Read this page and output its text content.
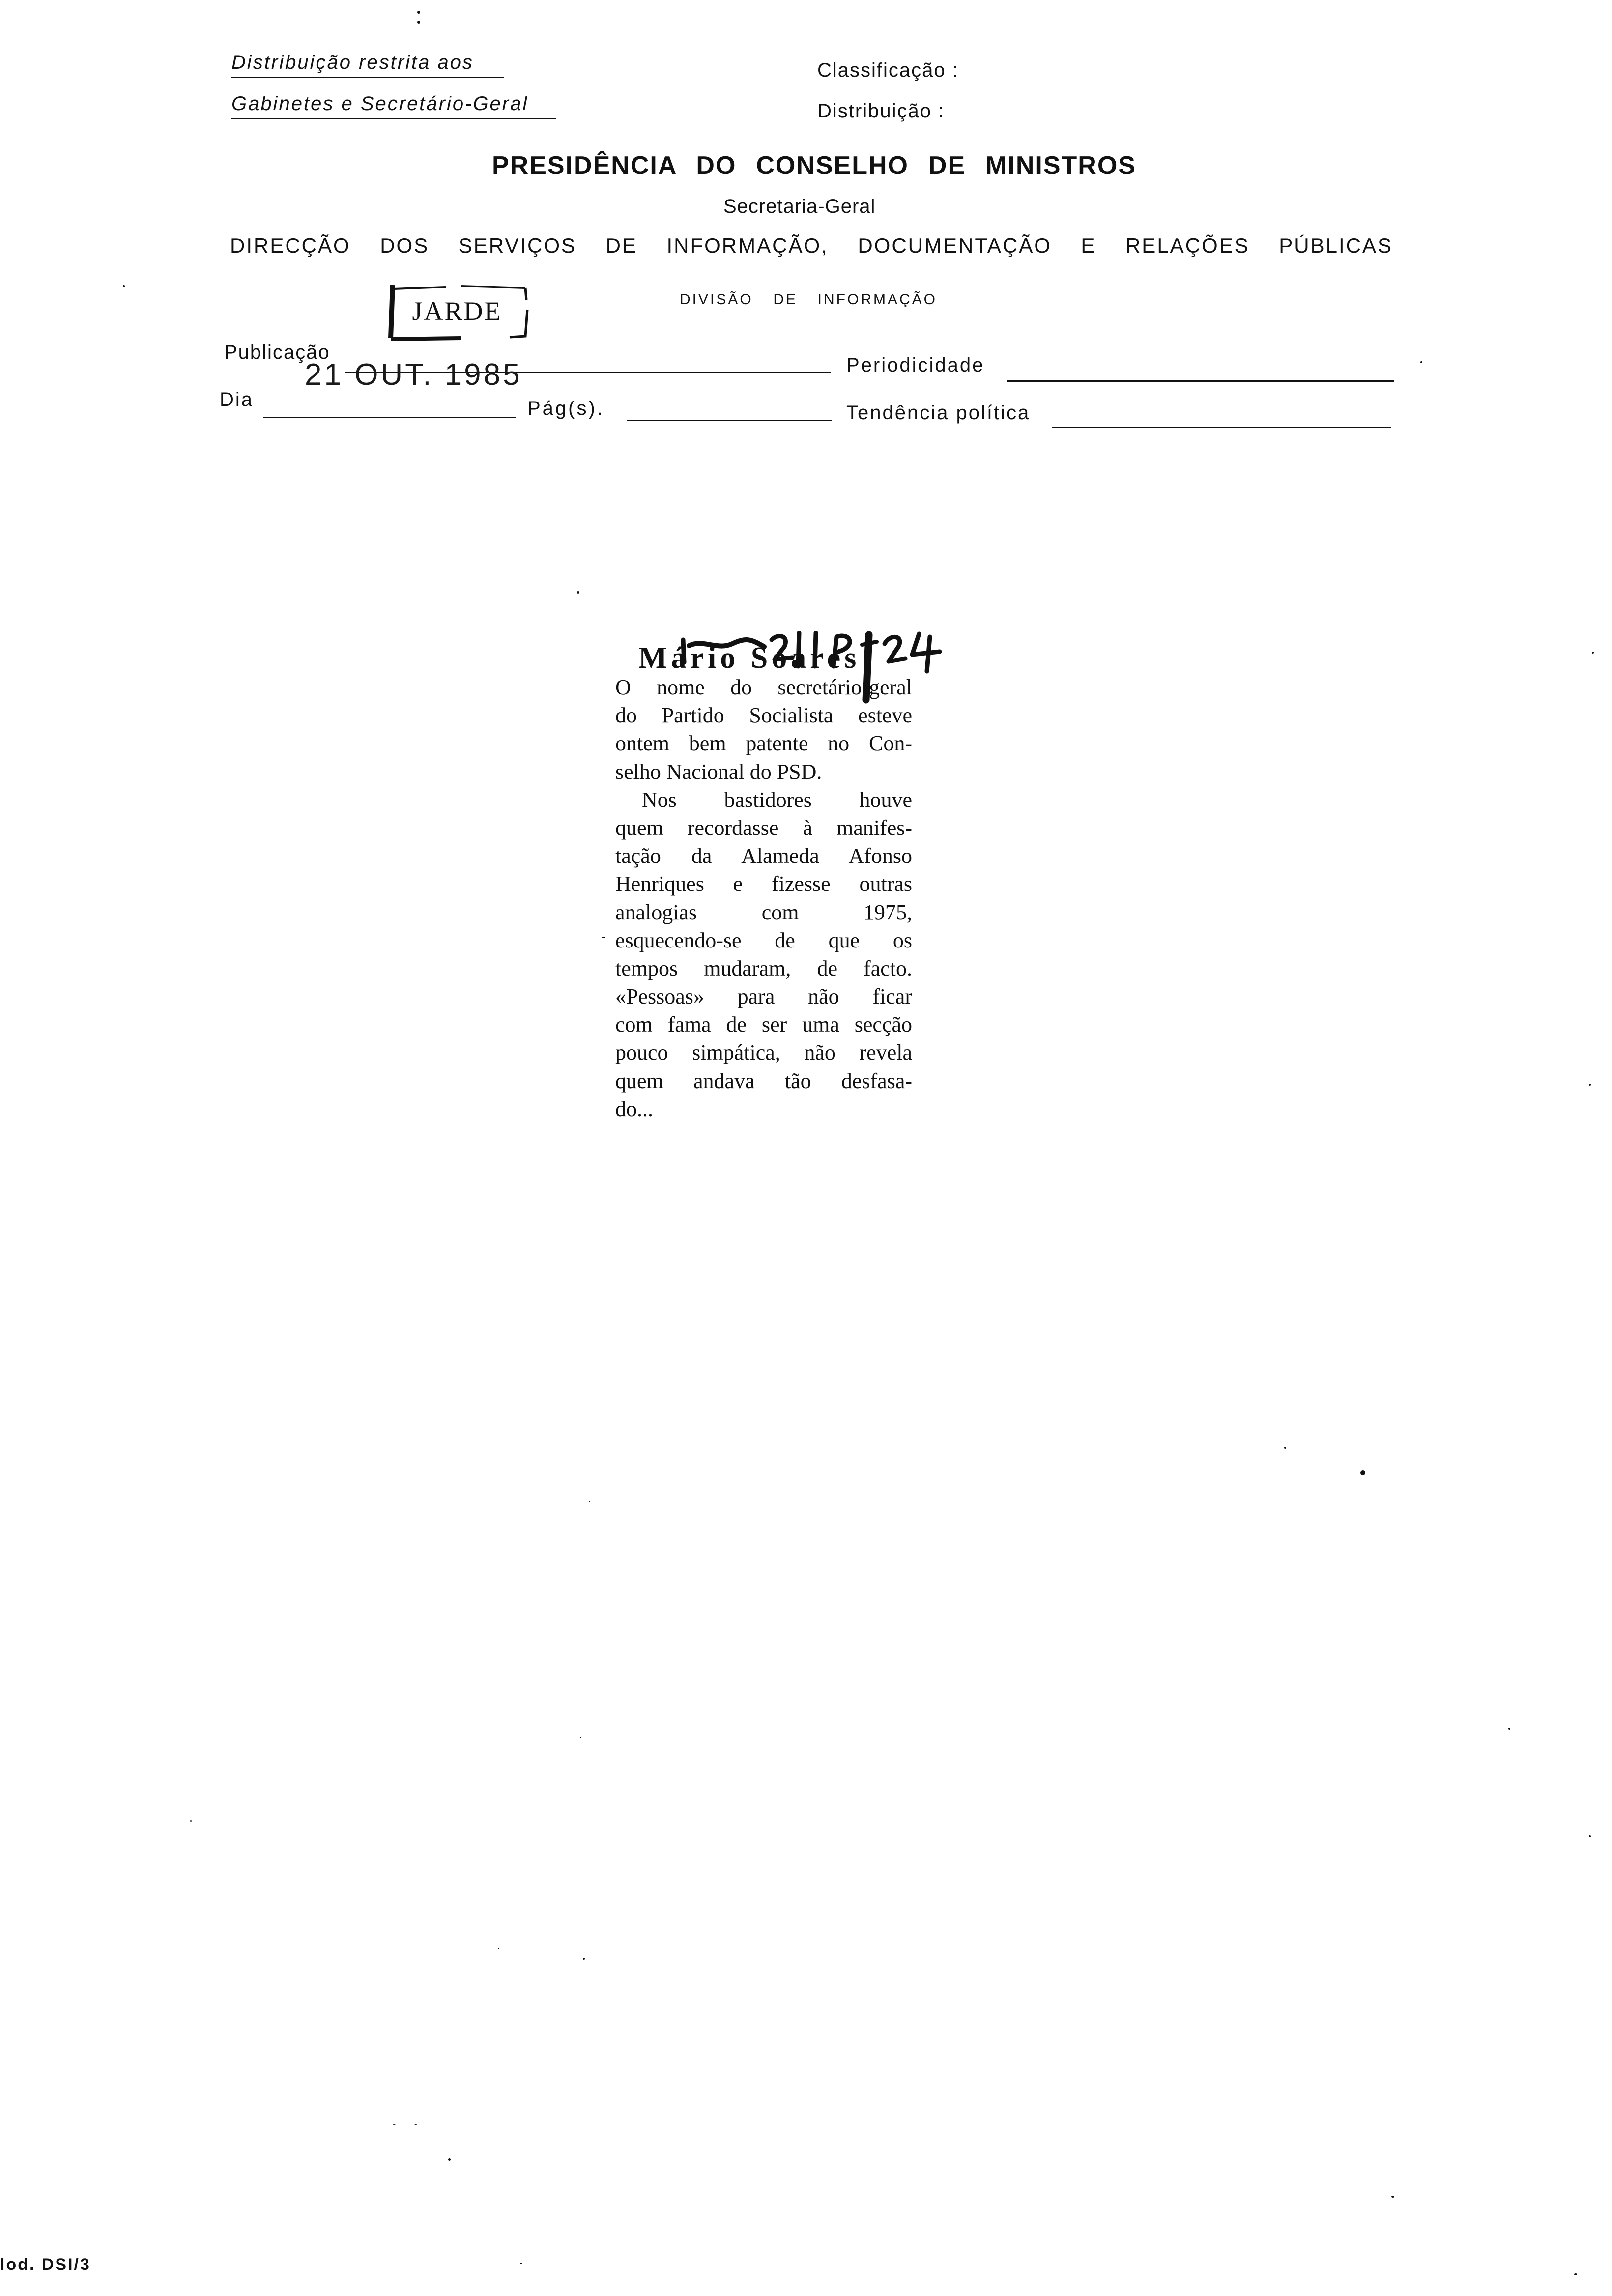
Distribuição restrita aos
Gabinetes e Secretário-Geral
Classificação :
Distribuição :
PRESIDÊNCIA DO CONSELHO DE MINISTROS
Secretaria-Geral
DIRECÇÃO DOS SERVIÇOS DE INFORMAÇÃO, DOCUMENTAÇÃO E RELAÇÕES PÚBLICAS
JARDE	DIVISÃO DE INFORMAÇÃO
Publicação
21 OUT. 1985	Periodicidade
Dia	Pág(s).	Tendência política
Mário Soares
O nome do secretário-geral
do Partido Socialista esteve
ontem bem patente no Con-
selho Nacional do PSD.
Nos bastidores houve
quem recordasse à manifes-
tação da Alameda Afonso
Henriques e fizesse outras
analogias com 1975,
esquecendo-se de que os
tempos mudaram, de facto.
«Pessoas» para não ficar
com fama de ser uma secção
pouco simpática, não revela
quem andava tão desfasa-
do...
lod. DSI/3
